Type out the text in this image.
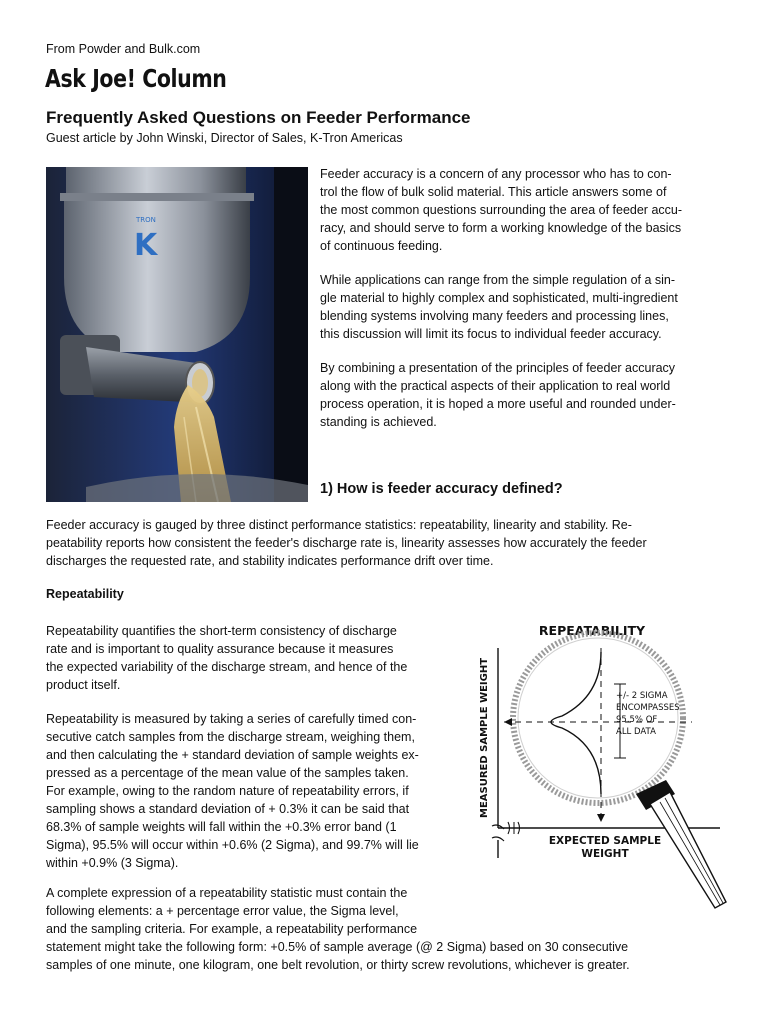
From Powder and Bulk.com
Ask Joe! Column
Frequently Asked Questions on Feeder Performance
Guest article by John Winski, Director of Sales, K-Tron Americas
K
TRON
Feeder accuracy is a concern of any processor who has to con-
trol the flow of bulk solid material. This article answers some of
the most common questions surrounding the area of feeder accu-
racy, and should serve to form a working knowledge of the basics
of continuous feeding.
While applications can range from the simple regulation of a sin-
gle material to highly complex and sophisticated, multi-ingredient
blending systems involving many feeders and processing lines,
this discussion will limit its focus to individual feeder accuracy.
By combining a presentation of the principles of feeder accuracy
along with the practical aspects of their application to real world
process operation, it is hoped a more useful and rounded under-
standing is achieved.
1) How is feeder accuracy defined?
Feeder accuracy is gauged by three distinct performance statistics: repeatability, linearity and stability. Re-
peatability reports how consistent the feeder's discharge rate is, linearity assesses how accurately the feeder
discharges the requested rate, and stability indicates performance drift over time.
Repeatability
Repeatability quantifies the short-term consistency of discharge
rate and is important to quality assurance because it measures
the expected variability of the discharge stream, and hence of the
product itself.
Repeatability is measured by taking a series of carefully timed con-
secutive catch samples from the discharge stream, weighing them,
and then calculating the + standard deviation of sample weights ex-
pressed as a percentage of the mean value of the samples taken.
For example, owing to the random nature of repeatability errors, if
sampling shows a standard deviation of + 0.3% it can be said that
68.3% of sample weights will fall within the +0.3% error band (1
Sigma), 95.5% will occur within +0.6% (2 Sigma), and 99.7% will lie
within +0.9% (3 Sigma).
A complete expression of a repeatability statistic must contain the
following elements: a + percentage error value, the Sigma level,
and the sampling criteria. For example, a repeatability performance
statement might take the following form: +0.5% of sample average (@ 2 Sigma) based on 30 consecutive
samples of one minute, one kilogram, one belt revolution, or thirty screw revolutions, whichever is greater.
REPEATABILITY
MEASURED SAMPLE WEIGHT	+/- 2 SIGMA
ENCOMPASSES
95.5% OF
ALL DATA
EXPECTED SAMPLE
WEIGHT
